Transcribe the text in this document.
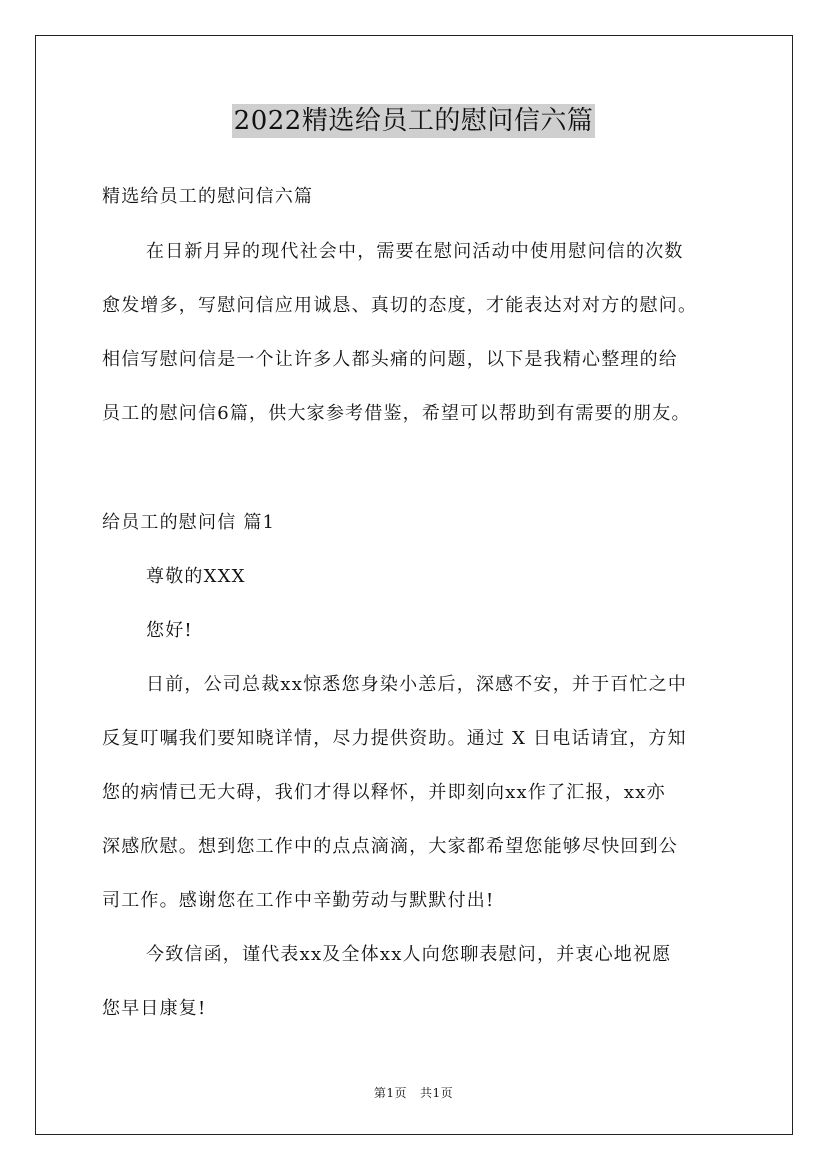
2022精选给员工的慰问信六篇
精选给员工的慰问信六篇
在日新月异的现代社会中，需要在慰问活动中使用慰问信的次数
愈发增多，写慰问信应用诚恳、真切的态度，才能表达对对方的慰问。
相信写慰问信是一个让许多人都头痛的问题，以下是我精心整理的给
员工的慰问信6篇，供大家参考借鉴，希望可以帮助到有需要的朋友。
给员工的慰问信 篇1
尊敬的XXX
您好!
日前，公司总裁xx惊悉您身染小恙后，深感不安，并于百忙之中
反复叮嘱我们要知晓详情，尽力提供资助。通过 X 日电话请宜，方知
您的病情已无大碍，我们才得以释怀，并即刻向xx作了汇报，xx亦
深感欣慰。想到您工作中的点点滴滴，大家都希望您能够尽快回到公
司工作。感谢您在工作中辛勤劳动与默默付出!
今致信函，谨代表xx及全体xx人向您聊表慰问，并衷心地祝愿
您早日康复!
第1页 共1页
